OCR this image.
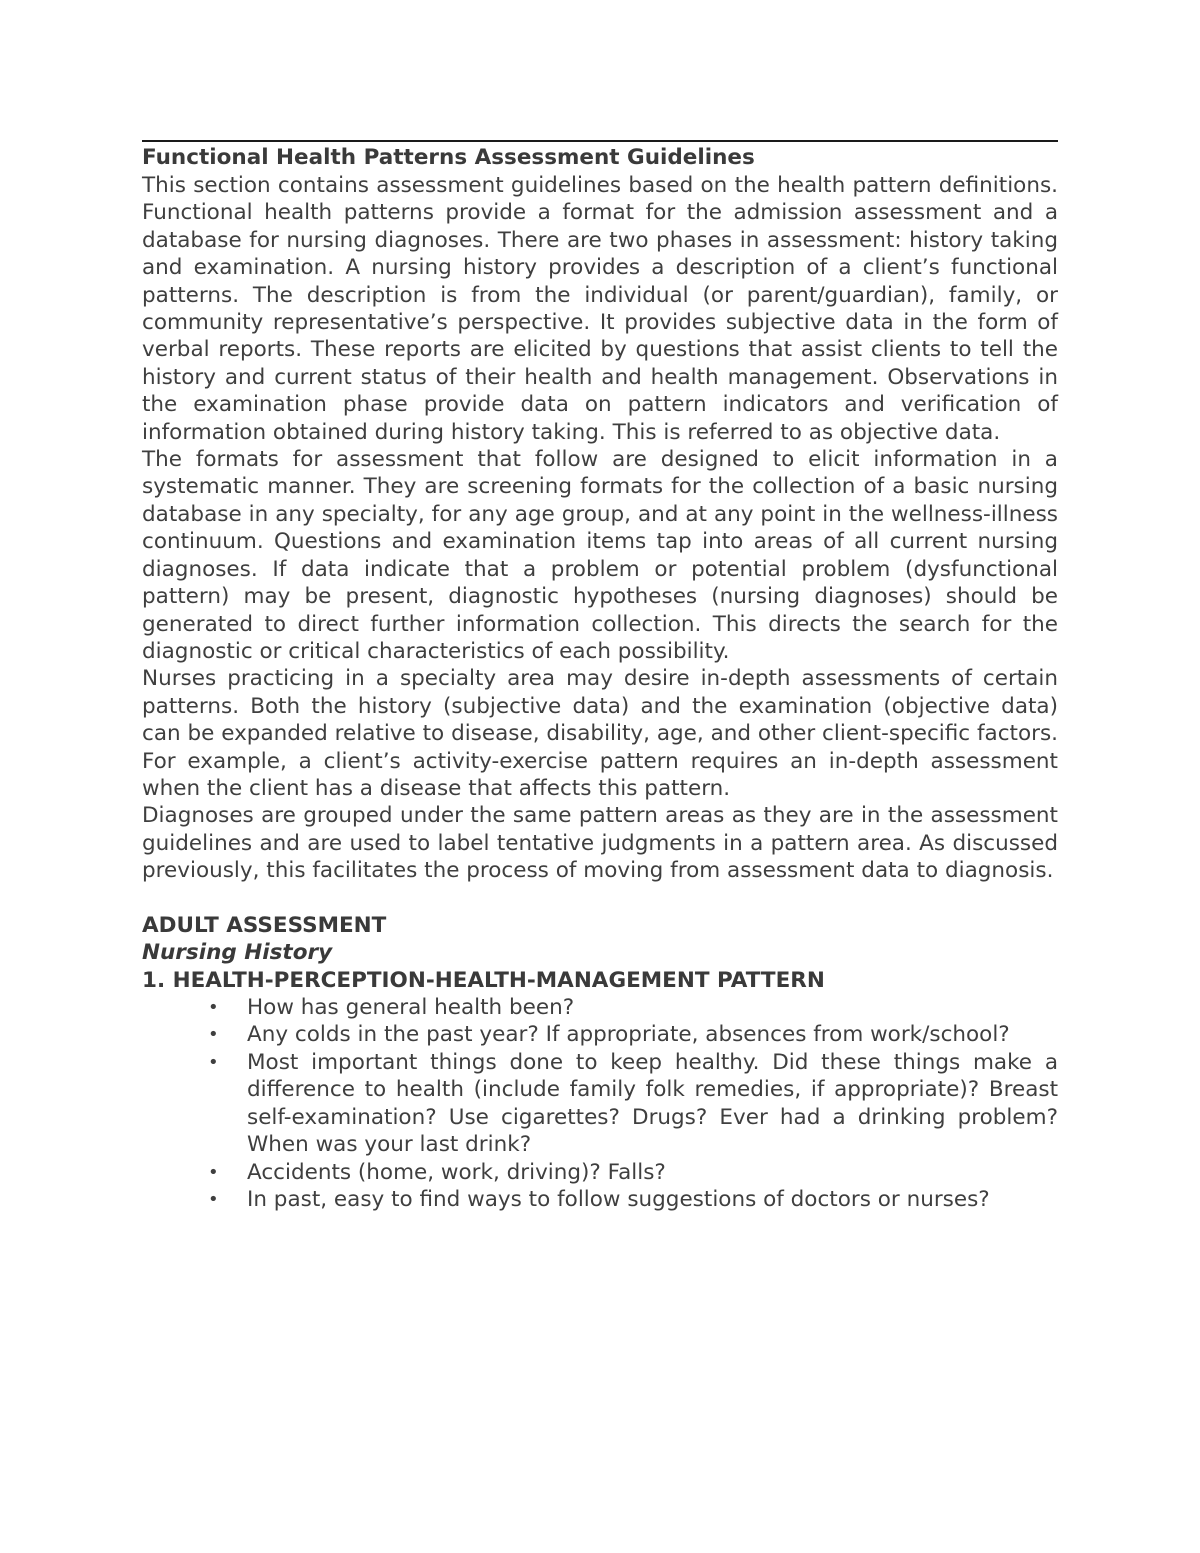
Functional Health Patterns Assessment Guidelines

This section contains assessment guidelines based on the health pattern definitions. Functional health patterns provide a format for the admission assessment and a database for nursing diagnoses. There are two phases in assessment: history taking and examination. A nursing history provides a description of a client’s functional patterns. The description is from the individual (or parent/guardian), family, or community representative’s perspective. It provides subjective data in the form of verbal reports. These reports are elicited by questions that assist clients to tell the history and current status of their health and health management. Observations in the examination phase provide data on pattern indicators and verification of information obtained during history taking. This is referred to as objective data.

The formats for assessment that follow are designed to elicit information in a systematic manner. They are screening formats for the collection of a basic nursing database in any specialty, for any age group, and at any point in the wellness-illness continuum. Questions and examination items tap into areas of all current nursing diagnoses. If data indicate that a problem or potential problem (dysfunctional pattern) may be present, diagnostic hypotheses (nursing diagnoses) should be generated to direct further information collection. This directs the search for the diagnostic or critical characteristics of each possibility.

Nurses practicing in a specialty area may desire in-depth assessments of certain patterns. Both the history (subjective data) and the examination (objective data) can be expanded relative to disease, disability, age, and other client-specific factors. For example, a client’s activity-exercise pattern requires an in-depth assessment when the client has a disease that affects this pattern.

Diagnoses are grouped under the same pattern areas as they are in the assessment guidelines and are used to label tentative judgments in a pattern area. As discussed previously, this facilitates the process of moving from assessment data to diagnosis.

ADULT ASSESSMENT
Nursing History
1. HEALTH-PERCEPTION-HEALTH-MANAGEMENT PATTERN
• How has general health been?
• Any colds in the past year? If appropriate, absences from work/school?
• Most important things done to keep healthy. Did these things make a difference to health (include family folk remedies, if appropriate)? Breast self-examination? Use cigarettes? Drugs? Ever had a drinking problem? When was your last drink?
• Accidents (home, work, driving)? Falls?
• In past, easy to find ways to follow suggestions of doctors or nurses?
